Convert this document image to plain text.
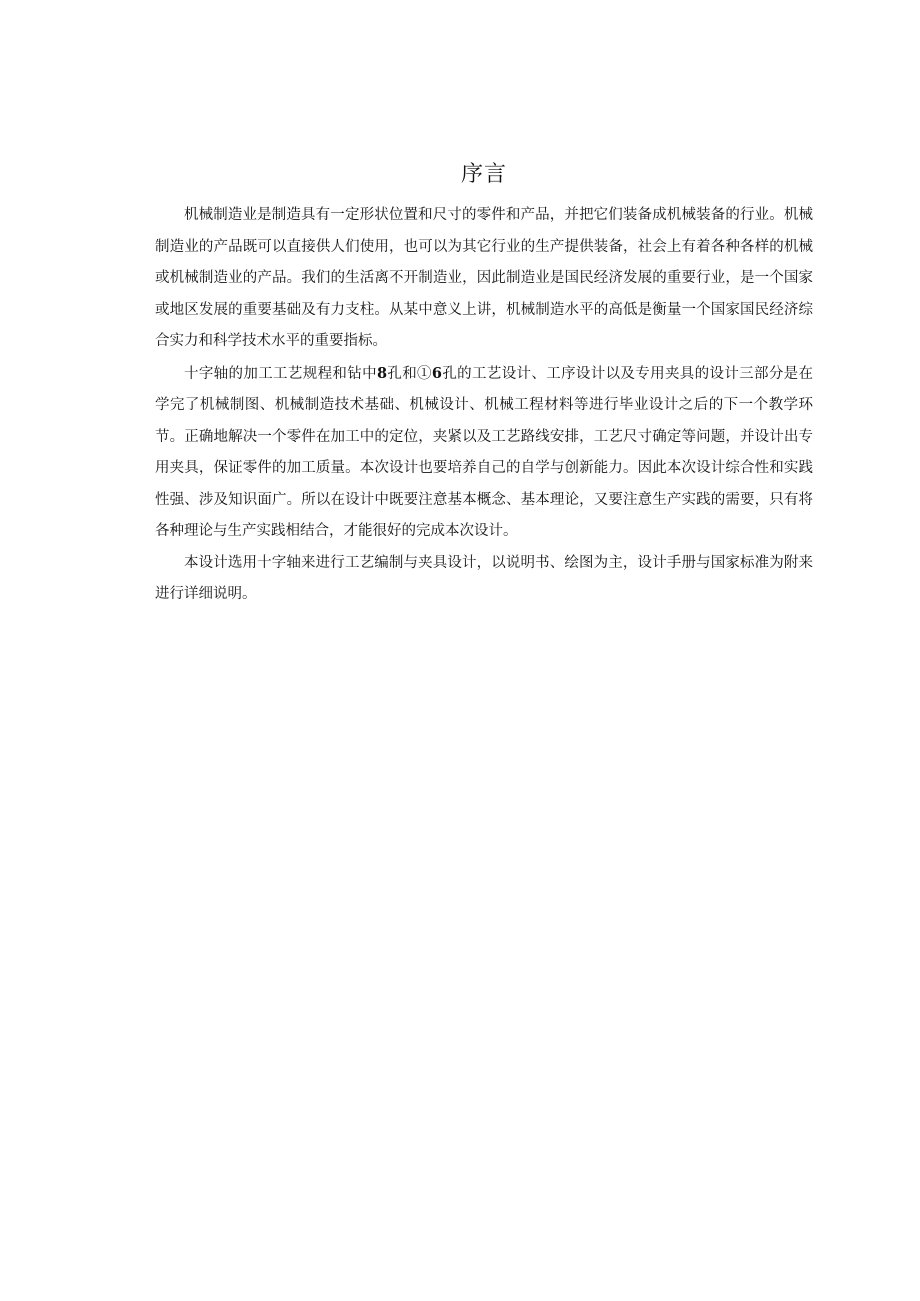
序言

机械制造业是制造具有一定形状位置和尺寸的零件和产品，并把它们装备成机械装备的行业。机械制造业的产品既可以直接供人们使用，也可以为其它行业的生产提供装备，社会上有着各种各样的机械或机械制造业的产品。我们的生活离不开制造业，因此制造业是国民经济发展的重要行业，是一个国家或地区发展的重要基础及有力支柱。从某中意义上讲，机械制造水平的高低是衡量一个国家国民经济综合实力和科学技术水平的重要指标。

十字轴的加工工艺规程和钻中8孔和①6孔的工艺设计、工序设计以及专用夹具的设计三部分是在学完了机械制图、机械制造技术基础、机械设计、机械工程材料等进行毕业设计之后的下一个教学环节。正确地解决一个零件在加工中的定位，夹紧以及工艺路线安排，工艺尺寸确定等问题，并设计出专用夹具，保证零件的加工质量。本次设计也要培养自己的自学与创新能力。因此本次设计综合性和实践性强、涉及知识面广。所以在设计中既要注意基本概念、基本理论，又要注意生产实践的需要，只有将各种理论与生产实践相结合，才能很好的完成本次设计。

本设计选用十字轴来进行工艺编制与夹具设计，以说明书、绘图为主，设计手册与国家标准为附来进行详细说明。
